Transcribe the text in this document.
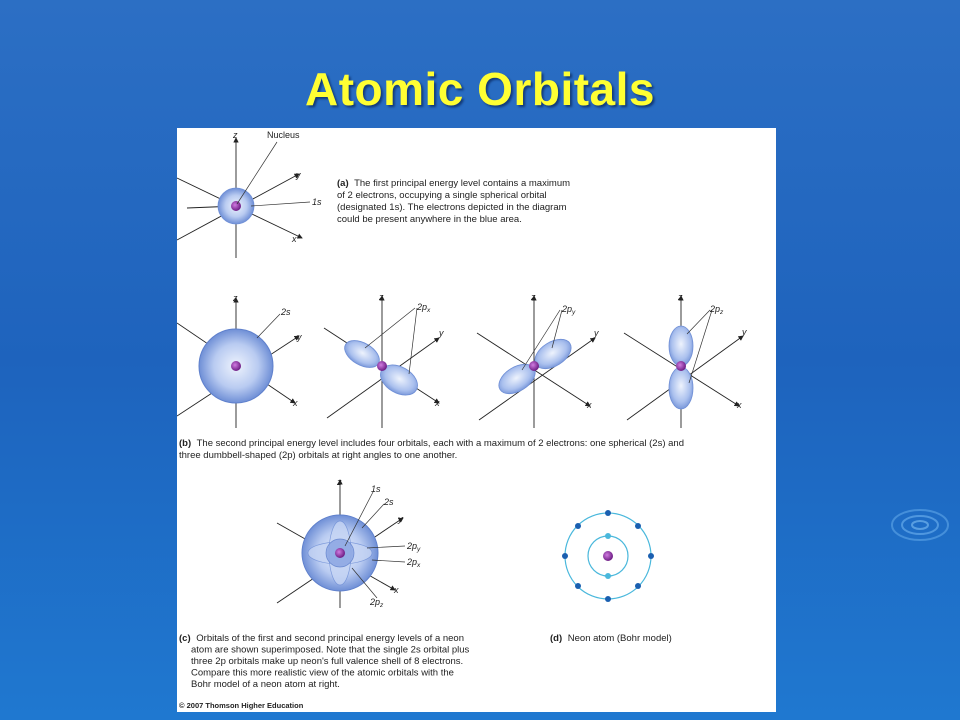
Atomic Orbitals
z
y
x
Nucleus
1s
(a) The first principal energy level contains a maximum of 2 electrons, occupying a single spherical orbital (designated 1s). The electrons depicted in the diagram could be present anywhere in the blue area.
z
y
x
2s
z
y
x
$2p_x$
z
y
x
$2p_y$
z
y
x
$2p_z$
(b) The second principal energy level includes four orbitals, each with a maximum of 2 electrons: one spherical (2s) and three dumbbell-shaped (2p) orbitals at right angles to one another.
z
y
x
1s
2s
$2p_y$
$2p_x$
$2p_z$
(c) Orbitals of the first and second principal energy levels of a neon atom are shown superimposed. Note that the single 2s orbital plus three 2p orbitals make up neon's full valence shell of 8 electrons. Compare this more realistic view of the atomic orbitals with the Bohr model of a neon atom at right.
(d) Neon atom (Bohr model)
© 2007 Thomson Higher Education
